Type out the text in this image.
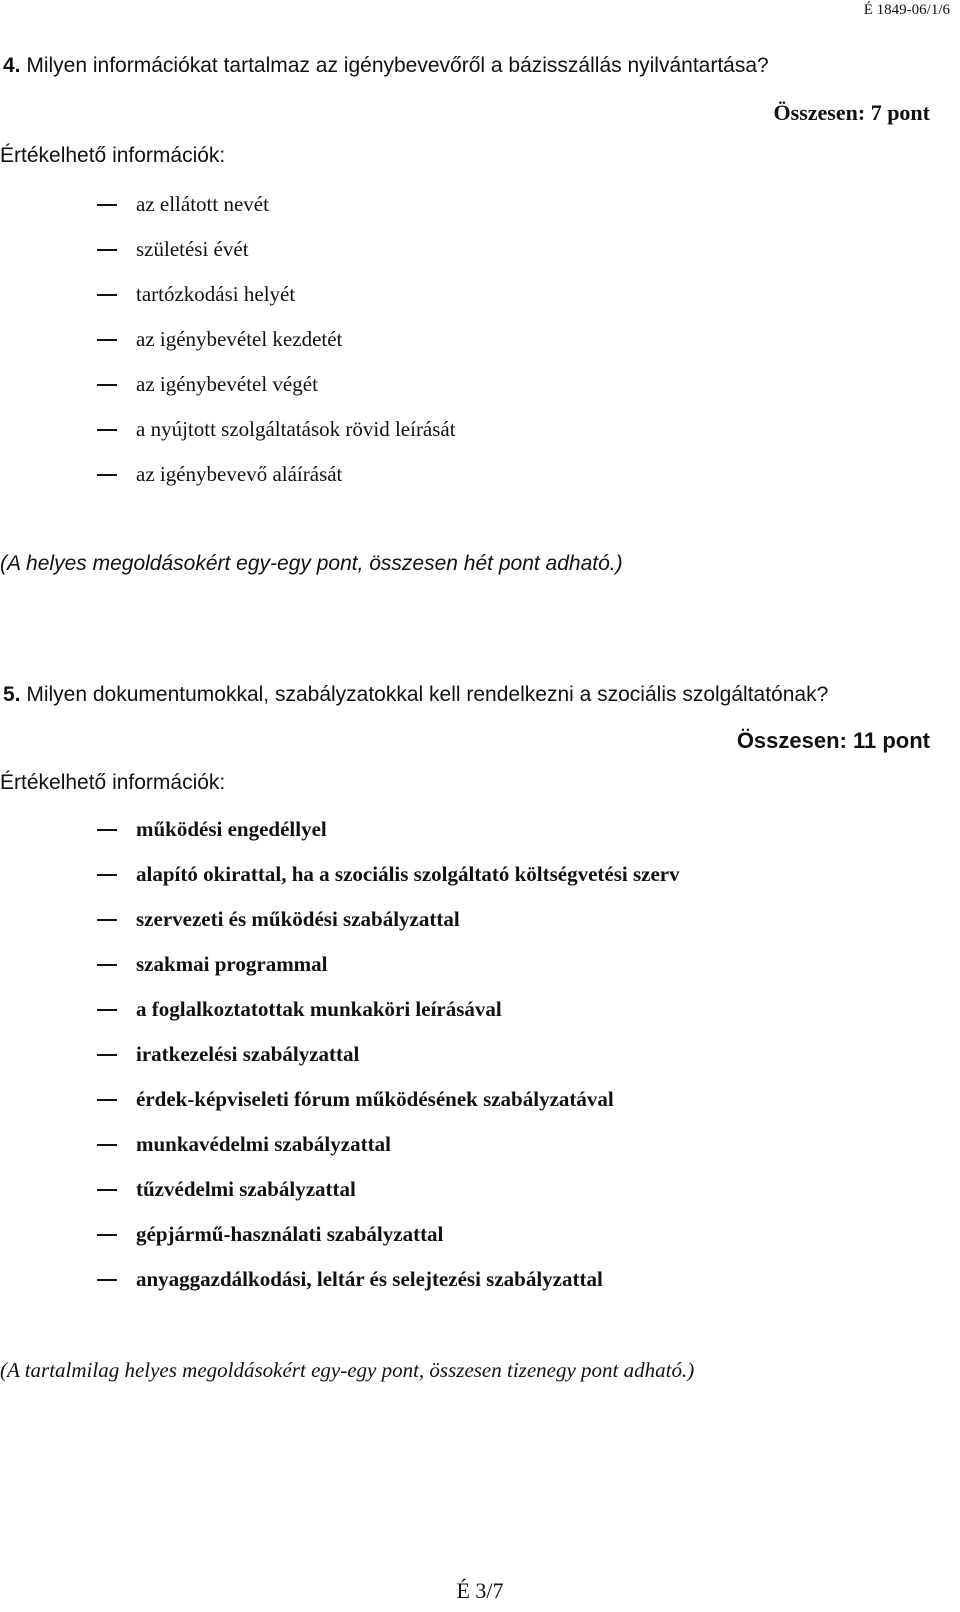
É 1849-06/1/6
4. Milyen információkat tartalmaz az igénybevevőről a bázisszállás nyilvántartása?
Összesen: 7 pont
Értékelhető információk:
az ellátott nevét
születési évét
tartózkodási helyét
az igénybevétel kezdetét
az igénybevétel végét
a nyújtott szolgáltatások rövid leírását
az igénybevevő aláírását
(A helyes megoldásokért egy-egy pont, összesen hét pont adható.)
5. Milyen dokumentumokkal, szabályzatokkal kell rendelkezni a szociális szolgáltatónak?
Összesen: 11 pont
Értékelhető információk:
működési engedéllyel
alapító okirattal, ha a szociális szolgáltató költségvetési szerv
szervezeti és működési szabályzattal
szakmai programmal
a foglalkoztatottak munkaköri leírásával
iratkezelési szabályzattal
érdek-képviseleti fórum működésének szabályzatával
munkavédelmi szabályzattal
tűzvédelmi szabályzattal
gépjármű-használati szabályzattal
anyaggazdálkodási, leltár és selejtezési szabályzattal
(A tartalmilag helyes megoldásokért egy-egy pont, összesen tizenegy pont adható.)
É 3/7
